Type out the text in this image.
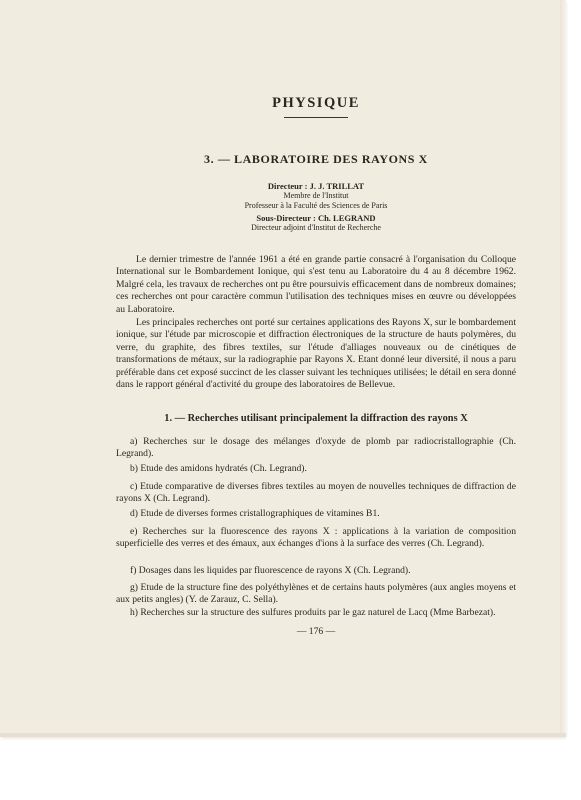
PHYSIQUE
3. — LABORATOIRE DES RAYONS X
Directeur : J. J. TRILLAT
Membre de l'Institut
Professeur à la Faculté des Sciences de Paris
Sous-Directeur : Ch. LEGRAND
Directeur adjoint d'Institut de Recherche

Le dernier trimestre de l'année 1961 a été en grande partie consacré à l'organisation du Colloque International sur le Bombardement Ionique, qui s'est tenu au Laboratoire du 4 au 8 décembre 1962. Malgré cela, les travaux de recherches ont pu être poursuivis efficacement dans de nombreux domaines; ces recherches ont pour caractère commun l'utilisation des techniques mises en œuvre ou développées au Laboratoire.

Les principales recherches ont porté sur certaines applications des Rayons X, sur le bombardement ionique, sur l'étude par microscopie et diffraction électroniques de la structure de hauts polymères, du verre, du graphite, des fibres textiles, sur l'étude d'alliages nouveaux ou de cinétiques de transformations de métaux, sur la radiographie par Rayons X. Etant donné leur diversité, il nous a paru préférable dans cet exposé succinct de les classer suivant les techniques utilisées; le détail en sera donné dans le rapport général d'activité du groupe des laboratoires de Bellevue.

1. — Recherches utilisant principalement la diffraction des rayons X

a) Recherches sur le dosage des mélanges d'oxyde de plomb par radiocristallographie (Ch. Legrand).

b) Etude des amidons hydratés (Ch. Legrand).

c) Etude comparative de diverses fibres textiles au moyen de nouvelles techniques de diffraction de rayons X (Ch. Legrand).

d) Etude de diverses formes cristallographiques de vitamines B1.

e) Recherches sur la fluorescence des rayons X : applications à la variation de composition superficielle des verres et des émaux, aux échanges d'ions à la surface des verres (Ch. Legrand).

f) Dosages dans les liquides par fluorescence de rayons X (Ch. Legrand).

g) Etude de la structure fine des polyéthylènes et de certains hauts polymères (aux angles moyens et aux petits angles) (Y. de Zarauz, C. Sella).

h) Recherches sur la structure des sulfures produits par le gaz naturel de Lacq (Mme Barbezat).

— 176 —
